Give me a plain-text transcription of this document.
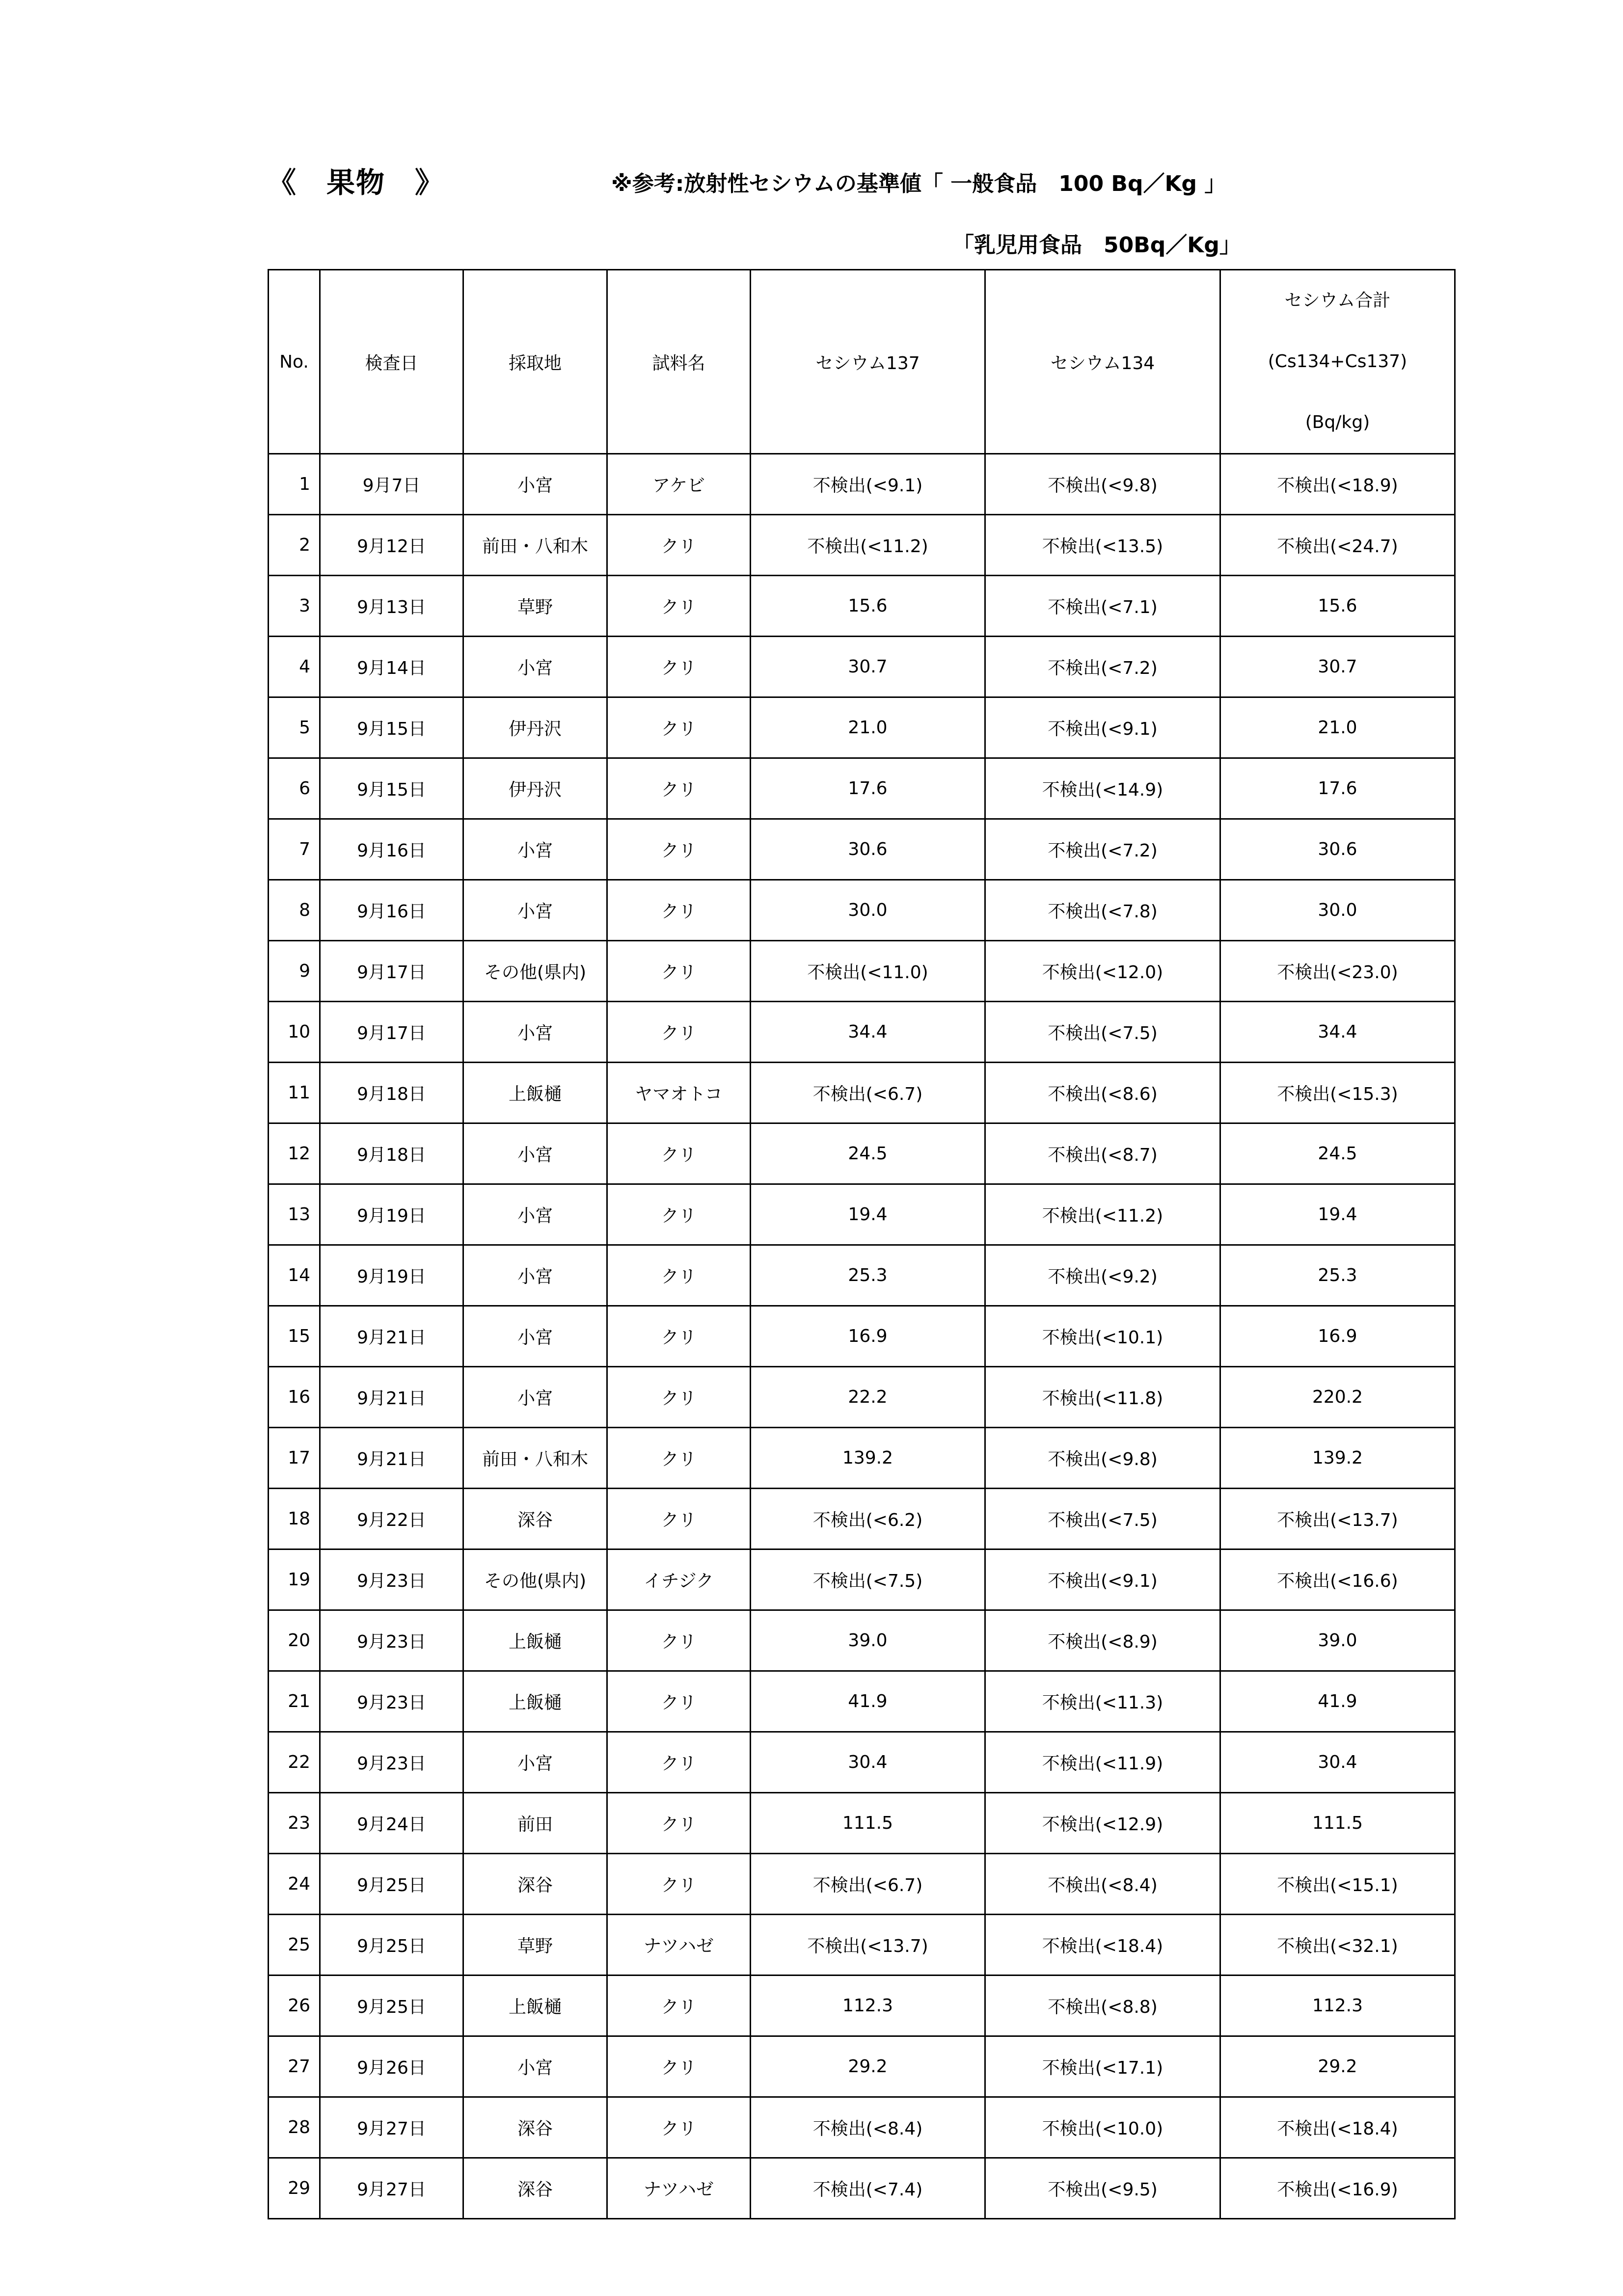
《　果物　》	※参考:放射性セシウムの基準値「 一般食品　100 Bq／Kg 」
「乳児用食品　50Bq／Kg」
No.	検査日	採取地	試料名	セシウム137	セシウム134	セシウム合計
(Cs134+Cs137)
(Bq/kg)

1	9月7日	小宮	アケビ	不検出(<9.1)	不検出(<9.8)	不検出(<18.9)
2	9月12日	前田・八和木	クリ	不検出(<11.2)	不検出(<13.5)	不検出(<24.7)
3	9月13日	草野	クリ	15.6	不検出(<7.1)	15.6
4	9月14日	小宮	クリ	30.7	不検出(<7.2)	30.7
5	9月15日	伊丹沢	クリ	21.0	不検出(<9.1)	21.0
6	9月15日	伊丹沢	クリ	17.6	不検出(<14.9)	17.6
7	9月16日	小宮	クリ	30.6	不検出(<7.2)	30.6
8	9月16日	小宮	クリ	30.0	不検出(<7.8)	30.0
9	9月17日	その他(県内)	クリ	不検出(<11.0)	不検出(<12.0)	不検出(<23.0)
10	9月17日	小宮	クリ	34.4	不検出(<7.5)	34.4
11	9月18日	上飯樋	ヤマオトコ	不検出(<6.7)	不検出(<8.6)	不検出(<15.3)
12	9月18日	小宮	クリ	24.5	不検出(<8.7)	24.5
13	9月19日	小宮	クリ	19.4	不検出(<11.2)	19.4
14	9月19日	小宮	クリ	25.3	不検出(<9.2)	25.3
15	9月21日	小宮	クリ	16.9	不検出(<10.1)	16.9
16	9月21日	小宮	クリ	22.2	不検出(<11.8)	220.2
17	9月21日	前田・八和木	クリ	139.2	不検出(<9.8)	139.2
18	9月22日	深谷	クリ	不検出(<6.2)	不検出(<7.5)	不検出(<13.7)
19	9月23日	その他(県内)	イチジク	不検出(<7.5)	不検出(<9.1)	不検出(<16.6)
20	9月23日	上飯樋	クリ	39.0	不検出(<8.9)	39.0
21	9月23日	上飯樋	クリ	41.9	不検出(<11.3)	41.9
22	9月23日	小宮	クリ	30.4	不検出(<11.9)	30.4
23	9月24日	前田	クリ	111.5	不検出(<12.9)	111.5
24	9月25日	深谷	クリ	不検出(<6.7)	不検出(<8.4)	不検出(<15.1)
25	9月25日	草野	ナツハゼ	不検出(<13.7)	不検出(<18.4)	不検出(<32.1)
26	9月25日	上飯樋	クリ	112.3	不検出(<8.8)	112.3
27	9月26日	小宮	クリ	29.2	不検出(<17.1)	29.2
28	9月27日	深谷	クリ	不検出(<8.4)	不検出(<10.0)	不検出(<18.4)
29	9月27日	深谷	ナツハゼ	不検出(<7.4)	不検出(<9.5)	不検出(<16.9)
